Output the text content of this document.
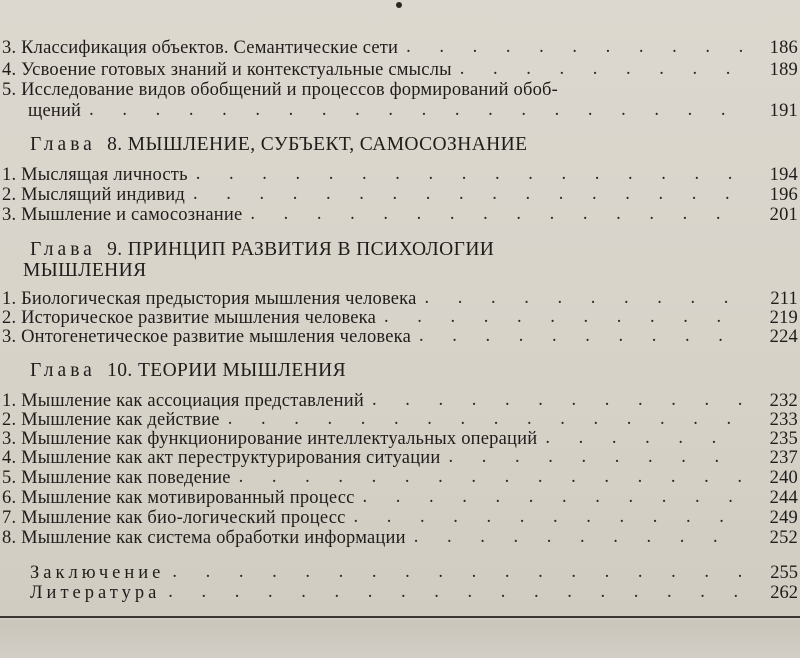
3. Классификация объектов. Семантические сети . . .	186
4. Усвоение готовых знаний и контекстуальные смыслы . . .	189
5. Исследование видов обобщений и процессов формирований обоб-
щений . . .	191
Глава 8. МЫШЛЕНИЕ, СУБЪЕКТ, САМОСОЗНАНИЕ
1. Мыслящая личность . . .	194
2. Мыслящий индивид . . .	196
3. Мышление и самосознание . . .	201
Глава 9. ПРИНЦИП РАЗВИТИЯ В ПСИХОЛОГИИ
МЫШЛЕНИЯ
1. Биологическая предыстория мышления человека . . .	211
2. Историческое развитие мышления человека . . .	219
3. Онтогенетическое развитие мышления человека . . .	224
Глава 10. ТЕОРИИ МЫШЛЕНИЯ
1. Мышление как ассоциация представлений . . .	232
2. Мышление как действие . . .	233
3. Мышление как функционирование интеллектуальных операций . . .	235
4. Мышление как акт переструктурирования ситуации . . .	237
5. Мышление как поведение . . .	240
6. Мышление как мотивированный процесс . . .	244
7. Мышление как био-логический процесс . . .	249
8. Мышление как система обработки информации . . .	252
Заключение . . .	255
Литература . . .	262
